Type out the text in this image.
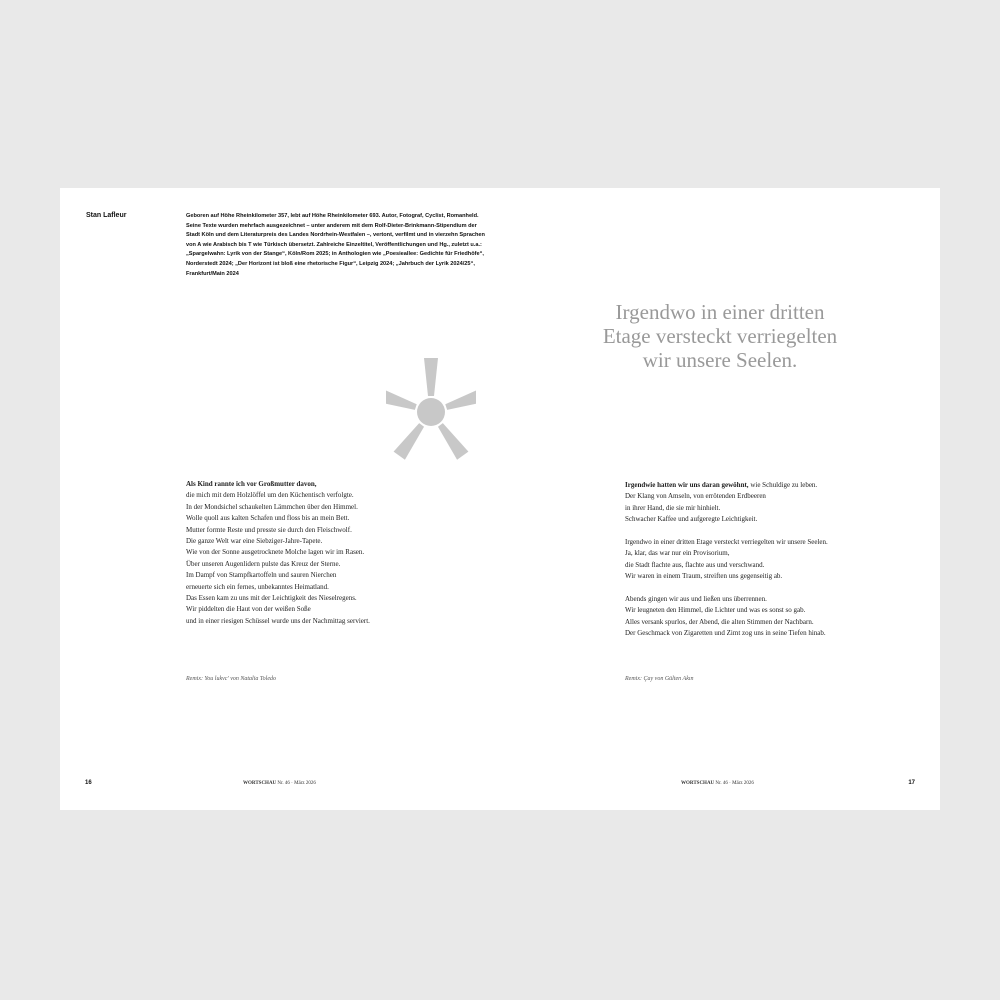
Stan Lafleur	Geboren auf Höhe Rheinkilometer 357, lebt auf Höhe Rheinkilometer 693. Autor, Fotograf, Cyclist, Romanheld. Seine Texte wurden mehrfach ausgezeichnet – unter anderem mit dem Rolf-Dieter-Brinkmann-Stipendium der Stadt Köln und dem Literaturpreis des Landes Nordrhein-Westfalen –, vertont, verfilmt und in vierzehn Sprachen von A wie Arabisch bis T wie Türkisch übersetzt. Zahlreiche Einzeltitel, Veröffentlichungen und Hg., zuletzt u.a.: „Spargelwahn: Lyrik von der Stange“, Köln/Rom 2025; in Anthologien wie „Poesieallee: Gedichte für Friedhöfe“, Norderstedt 2024; „Der Horizont ist bloß eine rhetorische Figur“, Leipzig 2024; „Jahrbuch der Lyrik 2024/25“, Frankfurt/Main 2024
Irgendwo in einer dritten
Etage versteckt verriegelten
wir unsere Seelen.

Als Kind rannte ich vor Großmutter davon,

die mich mit dem Holzlöffel um den Küchentisch verfolgte.

In der Mondsichel schaukelten Lämmchen über den Himmel.

Wolle quoll aus kalten Schafen und floss bis an mein Bett.

Mutter formte Reste und presste sie durch den Fleischwolf.

Die ganze Welt war eine Siebziger-Jahre-Tapete.

Wie von der Sonne ausgetrocknete Molche lagen wir im Rasen.

Über unseren Augenlidern pulste das Kreuz der Sterne.

Im Dampf von Stampfkartoffeln und sauren Nierchen

erneuerte sich ein fernes, unbekanntes Heimatland.

Das Essen kam zu uns mit der Leichtigkeit des Nieselregens.

Wir piddelten die Haut von der weißen Soße

und in einer riesigen Schüssel wurde uns der Nachmittag serviert.

Remix: You lukvc' von Natalia Toledo

Irgendwie hatten wir uns daran gewöhnt, wie Schuldige zu leben.

Der Klang von Amseln, von errötenden Erdbeeren

in ihrer Hand, die sie mir hinhielt.

Schwacher Kaffee und aufgeregte Leichtigkeit.

Irgendwo in einer dritten Etage versteckt verriegelten wir unsere Seelen.

Ja, klar, das war nur ein Provisorium,

die Stadt flachte aus, flachte aus und verschwand.

Wir waren in einem Traum, streiften uns gegenseitig ab.

Abends gingen wir aus und ließen uns überrennen.

Wir leugneten den Himmel, die Lichter und was es sonst so gab.

Alles versank spurlos, der Abend, die alten Stimmen der Nachbarn.

Der Geschmack von Zigaretten und Zimt zog uns in seine Tiefen hinab.

Remix: Çay von Gülten Akın
16	WORTSCHAU Nr. 46 · März 2026	WORTSCHAU Nr. 46 · März 2026	17
